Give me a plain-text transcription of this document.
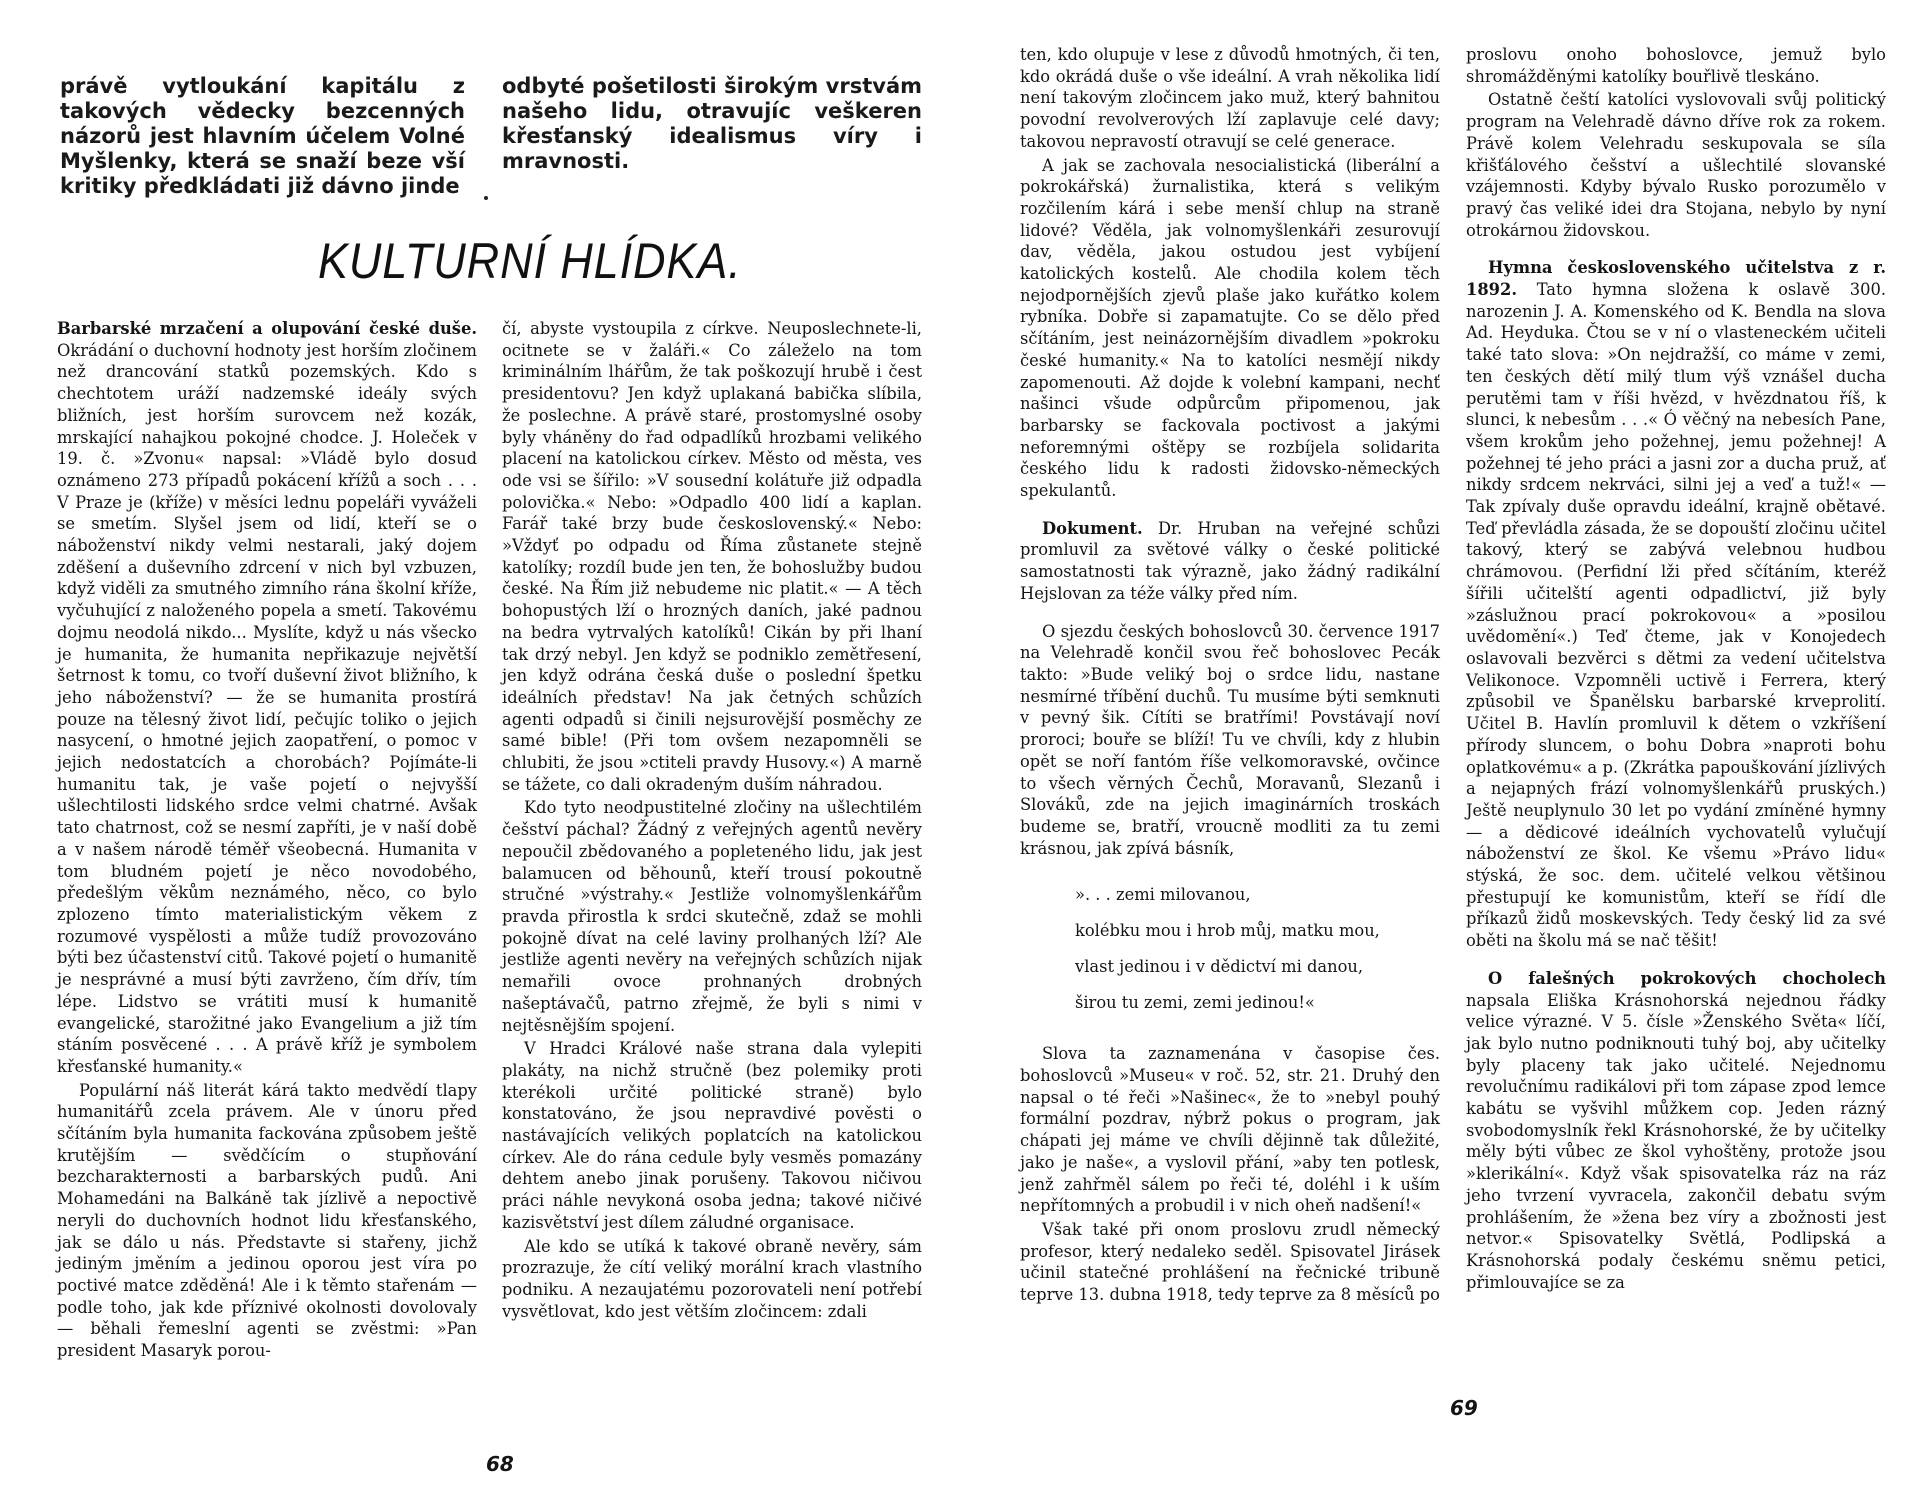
právě vytloukání kapitálu z takových vědecky bezcenných názorů jest hlavním účelem Volné Myšlenky, která se snaží beze vší kritiky předkládati již dávno jinde

odbyté pošetilosti širokým vrstvám našeho lidu, otravujíc veškeren křesťanský idealismus víry i mravnosti.

KULTURNÍ HLÍDKA.

Barbarské mrzačení a olupování české duše. Okrádání o duchovní hodnoty jest horším zločinem než drancování statků pozemských. Kdo s chechtotem uráží nadzemské ideály svých bližních, jest horším surovcem než kozák, mrskající nahajkou pokojné chodce. J. Holeček v 19. č. »Zvonu« napsal: »Vládě bylo dosud oznámeno 273 případů pokácení křížů a soch . . . V Praze je (kříže) v měsíci lednu popeláři vyváželi se smetím. Slyšel jsem od lidí, kteří se o náboženství nikdy velmi nestarali, jaký dojem zděšení a duševního zdrcení v nich byl vzbuzen, když viděli za smutného zimního rána školní kříže, vyčuhující z naloženého popela a smetí. Takovému dojmu neodolá nikdo... Myslíte, když u nás všecko je humanita, že humanita nepřikazuje největší šetrnost k tomu, co tvoří duševní život bližního, k jeho náboženství? — že se humanita prostírá pouze na tělesný život lidí, pečujíc toliko o jejich nasycení, o hmotné jejich zaopatření, o pomoc v jejich nedostatcích a chorobách? Pojímáte-li humanitu tak, je vaše pojetí o nejvyšší ušlechtilosti lidského srdce velmi chatrné. Avšak tato chatrnost, což se nesmí zapříti, je v naší době a v našem národě téměř všeobecná. Humanita v tom bludném pojetí je něco novodobého, předešlým věkům neznámého, něco, co bylo zplozeno tímto materialistickým věkem z rozumové vyspělosti a může tudíž provozováno býti bez účastenství citů. Takové pojetí o humanitě je nesprávné a musí býti zavrženo, čím dřív, tím lépe. Lidstvo se vrátiti musí k humanitě evangelické, starožitné jako Evangelium a již tím stáním posvěcené . . . A právě kříž je symbolem křesťanské humanity.«

Populární náš literát kárá takto medvědí tlapy humanitářů zcela právem. Ale v únoru před sčítáním byla humanita fackována způsobem ještě krutějším — svědčícím o stupňování bezcharakternosti a barbarských pudů. Ani Mohamedáni na Balkáně tak jízlivě a nepoctivě neryli do duchovních hodnot lidu křesťanského, jak se dálo u nás. Představte si stařeny, jichž jediným jměním a jedinou oporou jest víra po poctivé matce zděděná! Ale i k těmto stařenám — podle toho, jak kde příznivé okolnosti dovolovaly — běhali řemeslní agenti se zvěstmi: »Pan president Masaryk porou-

čí, abyste vystoupila z církve. Neuposlechnete-li, ocitnete se v žaláři.« Co záleželo na tom kriminálním lhářům, že tak poškozují hrubě i čest presidentovu? Jen když uplakaná babička slíbila, že poslechne. A právě staré, prostomyslné osoby byly vháněny do řad odpadlíků hrozbami velikého placení na katolickou církev. Město od města, ves ode vsi se šířilo: »V sousední kolátuře již odpadla polovička.« Nebo: »Odpadlo 400 lidí a kaplan. Farář také brzy bude československý.« Nebo: »Vždyť po odpadu od Říma zůstanete stejně katolíky; rozdíl bude jen ten, že bohoslužby budou české. Na Řím již nebudeme nic platit.« — A těch bohopustých lží o hrozných daních, jaké padnou na bedra vytrvalých katolíků! Cikán by při lhaní tak drzý nebyl. Jen když se podniklo zemětřesení, jen když odrána česká duše o poslední špetku ideálních představ! Na jak četných schůzích agenti odpadů si činili nejsurovější posměchy ze samé bible! (Při tom ovšem nezapomněli se chlubiti, že jsou »ctiteli pravdy Husovy.«) A marně se tážete, co dali okradeným duším náhradou.

Kdo tyto neodpustitelné zločiny na ušlechtilém češství páchal? Žádný z veřejných agentů nevěry nepoučil zbědovaného a popleteného lidu, jak jest balamucen od běhounů, kteří trousí pokoutně stručné »výstrahy.« Jestliže volnomyšlenkářům pravda přirostla k srdci skutečně, zdaž se mohli pokojně dívat na celé laviny prolhaných lží? Ale jestliže agenti nevěry na veřejných schůzích nijak nemařili ovoce prohnaných drobných našeptávačů, patrno zřejmě, že byli s nimi v nejtěsnějším spojení.

V Hradci Králové naše strana dala vylepiti plakáty, na nichž stručně (bez polemiky proti kterékoli určité politické straně) bylo konstatováno, že jsou nepravdivé pověsti o nastávajících velikých poplatcích na katolickou církev. Ale do rána cedule byly vesměs pomazány dehtem anebo jinak porušeny. Takovou ničivou práci náhle nevykoná osoba jedna; takové ničivé kazisvětství jest dílem záludné organisace.

Ale kdo se utíká k takové obraně nevěry, sám prozrazuje, že cítí veliký morální krach vlastního podniku. A nezaujatému pozorovateli není potřebí vysvětlovat, kdo jest větším zločincem: zdali

68

ten, kdo olupuje v lese z důvodů hmotných, či ten, kdo okrádá duše o vše ideální. A vrah několika lidí není takovým zločincem jako muž, který bahnitou povodní revolverových lží zaplavuje celé davy; takovou nepravostí otravují se celé generace.

A jak se zachovala nesocialistická (liberální a pokrokářská) žurnalistika, která s velikým rozčilením kárá i sebe menší chlup na straně lidové? Věděla, jak volnomyšlenkáři zesurovují dav, věděla, jakou ostudou jest vybíjení katolických kostelů. Ale chodila kolem těch nejodpornějších zjevů plaše jako kuřátko kolem rybníka. Dobře si zapamatujte. Co se dělo před sčítáním, jest neinázornějším divadlem »pokroku české humanity.« Na to katolíci nesmějí nikdy zapomenouti. Až dojde k volební kampani, nechť našinci všude odpůrcům připomenou, jak barbarsky se fackovala poctivost a jakými neforemnými oštěpy se rozbíjela solidarita českého lidu k radosti židovsko-německých spekulantů.

Dokument. Dr. Hruban na veřejné schůzi promluvil za světové války o české politické samostatnosti tak výrazně, jako žádný radikální Hejslovan za téže války před ním.

O sjezdu českých bohoslovců 30. července 1917 na Velehradě končil svou řeč bohoslovec Pecák takto: »Bude veliký boj o srdce lidu, nastane nesmírné tříbění duchů. Tu musíme býti semknuti v pevný šik. Cítíti se bratřími! Povstávají noví proroci; bouře se blíží! Tu ve chvíli, kdy z hlubin opět se noří fantóm říše velkomoravské, ovčince to všech věrných Čechů, Moravanů, Slezanů i Slováků, zde na jejich imaginárních troskách budeme se, bratří, vroucně modliti za tu zemi krásnou, jak zpívá básník,

». . . zemi milovanou,
kolébku mou i hrob můj, matku mou,
vlast jedinou i v dědictví mi danou,
širou tu zemi, zemi jedinou!«

Slova ta zaznamenána v časopise čes. bohoslovců »Museu« v roč. 52, str. 21. Druhý den napsal o té řeči »Našinec«, že to »nebyl pouhý formální pozdrav, nýbrž pokus o program, jak chápati jej máme ve chvíli dějinně tak důležité, jako je naše«, a vyslovil přání, »aby ten potlesk, jenž zahřměl sálem po řeči té, doléhl i k uším nepřítomných a probudil i v nich oheň nadšení!«

Však také při onom proslovu zrudl německý profesor, který nedaleko seděl. Spisovatel Jirásek učinil statečné prohlášení na řečnické tribuně teprve 13. dubna 1918, tedy teprve za 8 měsíců po

proslovu onoho bohoslovce, jemuž bylo shromážděnými katolíky bouřlivě tleskáno.

Ostatně čeští katolíci vyslovovali svůj politický program na Velehradě dávno dříve rok za rokem. Právě kolem Velehradu seskupovala se síla křišťálového češství a ušlechtilé slovanské vzájemnosti. Kdyby bývalo Rusko porozumělo v pravý čas veliké idei dra Stojana, nebylo by nyní otrokárnou židovskou.

Hymna československého učitelstva z r. 1892. Tato hymna složena k oslavě 300. narozenin J. A. Komenského od K. Bendla na slova Ad. Heyduka. Čtou se v ní o vlasteneckém učiteli také tato slova: »On nejdražší, co máme v zemi, ten českých dětí milý tlum výš vznášel ducha perutěmi tam v říši hvězd, v hvězdnatou říš, k slunci, k nebesům . . .« Ó věčný na nebesích Pane, všem krokům jeho požehnej, jemu požehnej! A požehnej té jeho práci a jasni zor a ducha pruž, ať nikdy srdcem nekrváci, silni jej a veď a tuž!« — Tak zpívaly duše opravdu ideální, krajně obětavé. Teď převládla zásada, že se dopouští zločinu učitel takový, který se zabývá velebnou hudbou chrámovou. (Perfidní lži před sčítáním, kteréž šířili učitelští agenti odpadlictví, již byly »záslužnou prací pokrokovou« a »posilou uvědomění«.) Teď čteme, jak v Konojedech oslavovali bezvěrci s dětmi za vedení učitelstva Velikonoce. Vzpomněli uctivě i Ferrera, který způsobil ve Španělsku barbarské krveprolití. Učitel B. Havlín promluvil k dětem o vzkříšení přírody sluncem, o bohu Dobra »naproti bohu oplatkovému« a p. (Zkrátka papouškování jízlivých a nejapných frází volnomyšlenkářů pruských.) Ještě neuplynulo 30 let po vydání zmíněné hymny — a dědicové ideálních vychovatelů vylučují náboženství ze škol. Ke všemu »Právo lidu« stýská, že soc. dem. učitelé velkou většinou přestupují ke komunistům, kteří se řídí dle příkazů židů moskevských. Tedy český lid za své oběti na školu má se nač těšit!

O falešných pokrokových chocholech napsala Eliška Krásnohorská nejednou řádky velice výrazné. V 5. čísle »Ženského Světa« líčí, jak bylo nutno podniknouti tuhý boj, aby učitelky byly placeny tak jako učitelé. Nejednomu revolučnímu radikálovi při tom zápase zpod lemce kabátu se vyšvihl můžkem cop. Jeden rázný svobodomyslník řekl Krásnohorské, že by učitelky měly býti vůbec ze škol vyhoštěny, protože jsou »klerikální«. Když však spisovatelka ráz na ráz jeho tvrzení vyvracela, zakončil debatu svým prohlášením, že »žena bez víry a zbožnosti jest netvor.« Spisovatelky Světlá, Podlipská a Krásnohorská podaly českému sněmu petici, přimlouvajíce se za

69
